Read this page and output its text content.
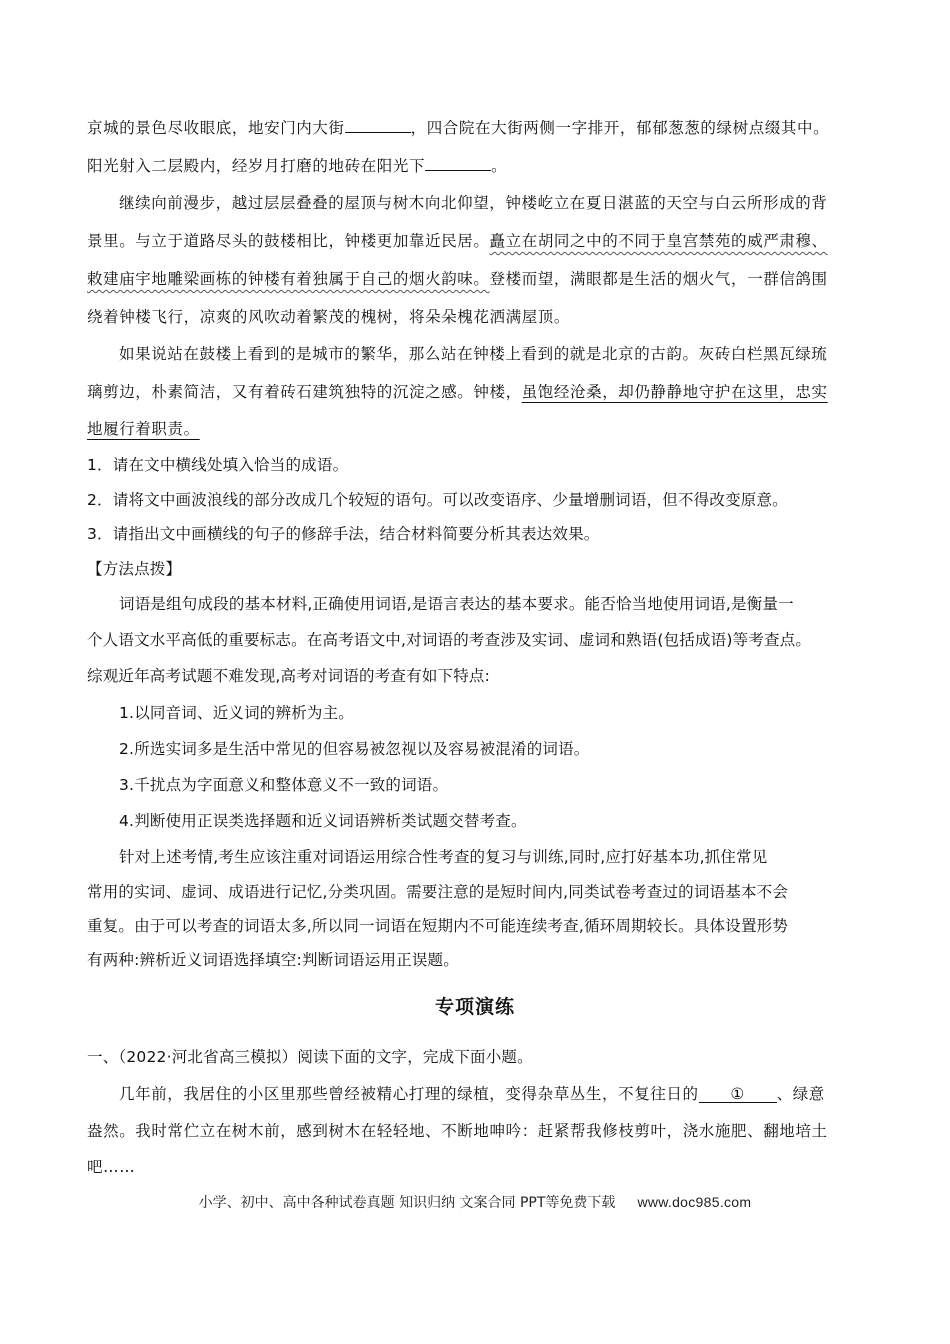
京城的景色尽收眼底，地安门内大街	，四合院在大街两侧一字排开，郁郁葱葱的绿树点缀其中。
阳光射入二层殿内，经岁月打磨的地砖在阳光下	。
继续向前漫步，越过层层叠叠的屋顶与树木向北仰望，钟楼屹立在夏日湛蓝的天空与白云所形成的背
景里。与立于道路尽头的鼓楼相比，钟楼更加靠近民居。矗立在胡同之中的不同于皇宫禁苑的威严肃穆、
敕建庙宇地雕梁画栋的钟楼有着独属于自己的烟火韵味。登楼而望，满眼都是生活的烟火气，一群信鸽围
绕着钟楼飞行，凉爽的风吹动着繁茂的槐树，将朵朵槐花洒满屋顶。
如果说站在鼓楼上看到的是城市的繁华，那么站在钟楼上看到的就是北京的古韵。灰砖白栏黑瓦绿琉
璃剪边，朴素简洁，又有着砖石建筑独特的沉淀之感。钟楼，虽饱经沧桑，却仍静静地守护在这里，忠实
地履行着职责。
1．请在文中横线处填入恰当的成语。
2．请将文中画波浪线的部分改成几个较短的语句。可以改变语序、少量增删词语，但不得改变原意。
3．请指出文中画横线的句子的修辞手法，结合材料简要分析其表达效果。
【方法点拨】
词语是组句成段的基本材料,正确使用词语,是语言表达的基本要求。能否恰当地使用词语,是衡量一
个人语文水平高低的重要标志。在高考语文中,对词语的考查涉及实词、虚词和熟语(包括成语)等考查点。
综观近年高考试题不难发现,高考对词语的考查有如下特点:
1.以同音词、近义词的辨析为主。
2.所选实词多是生活中常见的但容易被忽视以及容易被混淆的词语。
3.千扰点为字面意义和整体意义不一致的词语。
4.判断使用正误类选择题和近义词语辨析类试题交替考查。
针对上述考情,考生应该注重对词语运用综合性考查的复习与训练,同时,应打好基本功,抓住常见
常用的实词、虚词、成语进行记忆,分类巩固。需要注意的是短时间内,同类试卷考查过的词语基本不会
重复。由于可以考查的词语太多,所以同一词语在短期内不可能连续考查,循环周期较长。具体设置形势
有两种:辨析近义词语选择填空:判断词语运用正误题。
专项演练
一、（2022·河北省高三模拟）阅读下面的文字，完成下面小题。
几年前，我居住的小区里那些曾经被精心打理的绿植，变得杂草丛生，不复往日的 ① 、绿意
盎然。我时常伫立在树木前，感到树木在轻轻地、不断地呻吟：赶紧帮我修枝剪叶，浇水施肥、翻地培土
吧……
小学、初中、高中各种试卷真题 知识归纳 文案合同 PPT等免费下载 www.doc985.com
